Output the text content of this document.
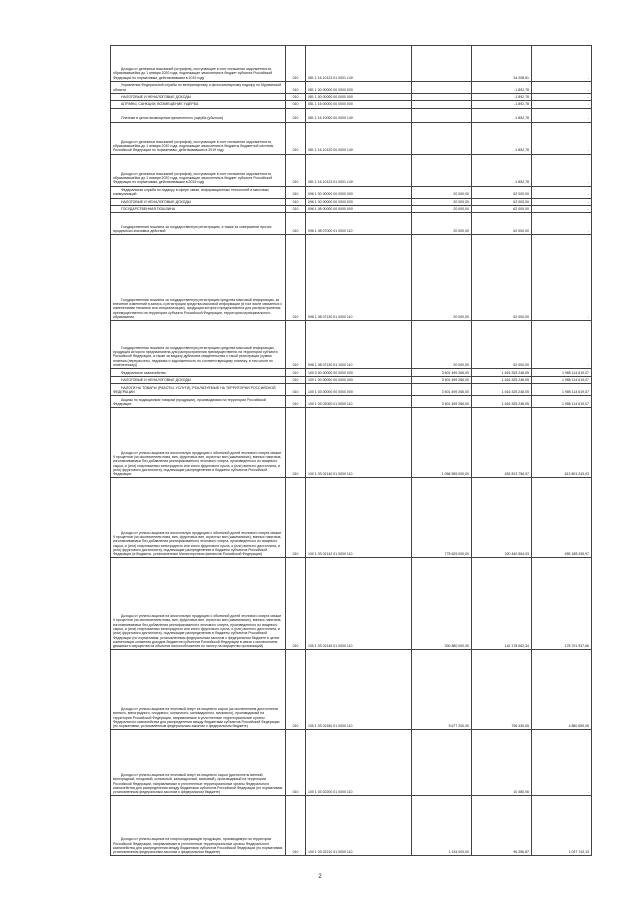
Доходы от денежных взысканий (штрафов), поступающие в счет погашения задолженности, образовавшейся до 1 января 2020 года, подлежащие зачислению в бюджет субъекта Российской Федерации по нормативам, действовавшим в 2019 году	010	081 1 16 10123 01 0001 140		34 208,51	-
Управление Федеральной службы по ветеринарному и фитосанитарному надзору по Мурманской области	010	081 1 00 00000 00 0000 000		-1 892,78	-
НАЛОГОВЫЕ И НЕНАЛОГОВЫЕ ДОХОДЫ	010	081 1 00 00000 00 0000 000		-1 892,78	-
ШТРАФЫ, САНКЦИИ, ВОЗМЕЩЕНИЕ УЩЕРБА	010	081 1 16 00000 00 0000 000		-1 892,78	-
Платежи в целях возмещения причиненного ущерба (убытков)	010	081 1 16 10000 00 0000 140		-1 892,78	-
Доходы от денежных взысканий (штрафов), поступающие в счет погашения задолженности, образовавшейся до 1 января 2020 года, подлежащие зачислению в бюджеты бюджетной системы Российской Федерации по нормативам, действовавшим в 2019 году	010	081 1 16 10120 00 0000 140		-1 892,78	-
Доходы от денежных взысканий (штрафов), поступающие в счет погашения задолженности, образовавшейся до 1 января 2020 года, подлежащие зачислению в бюджет субъекта Российской Федерации по нормативам, действовавшим в 2019 году	010	081 1 16 10123 01 0001 140		-1 892,78	-
Федеральная служба по надзору в сфере связи, информационных технологий и массовых коммуникаций	010	096 1 00 00000 00 0000 000	20 000,00	62 000,00	-
НАЛОГОВЫЕ И НЕНАЛОГОВЫЕ ДОХОДЫ	010	096 1 00 00000 00 0000 000	20 000,00	62 000,00	-
ГОСУДАРСТВЕННАЯ ПОШЛИНА	010	096 1 08 00000 00 0000 000	20 000,00	62 000,00	-
Государственная пошлина за государственную регистрацию, а также за совершение прочих юридически значимых действий	010	096 1 08 07000 01 0000 110	20 000,00	62 000,00	-
Государственная пошлина за государственную регистрацию средства массовой информации, за внесение изменений в запись о регистрации средства массовой информации (в том числе связанных с изменениями тематики или специализации), продукция которого предназначена для распространения преимущественно на территории субъекта Российской Федерации, территории муниципального образования	010	096 1 08 07130 01 0000 110	20 000,00	62 000,00	-
Государственная пошлина за государственную регистрацию средства массовой информации, продукция которого предназначена для распространения преимущественно на территории субъекта Российской Федерации, а также за выдачу дубликата свидетельства о такой регистрации (сумма платежа (перерасчеты, недоимка и задолженность по соответствующему платежу, в том числе по отмененному))	010	096 1 08 07130 01 1000 110	20 000,00	62 000,00	-
Федеральное казначейство	010	100 0 00 00000 00 0000 000	3 601 499 266,00	1 616 325 248,05	1 985 114 619,07
НАЛОГОВЫЕ И НЕНАЛОГОВЫЕ ДОХОДЫ	010	100 1 00 00000 00 0000 000	3 601 499 266,00	1 616 325 248,05	1 985 114 619,07
НАЛОГИ НА ТОВАРЫ (РАБОТЫ, УСЛУГИ), РЕАЛИЗУЕМЫЕ НА ТЕРРИТОРИИ РОССИЙСКОЙ ФЕДЕРАЦИИ	010	100 1 03 00000 00 0000 000	3 601 499 266,00	1 616 325 248,05	1 985 114 619,07
Акцизы по подакцизным товарам (продукции), производимым на территории Российской Федерации	010	100 1 03 02000 01 0000 110	3 601 499 266,00	1 616 325 248,05	1 985 114 619,07
Доходы от уплаты акцизов на алкогольную продукцию с объемной долей этилового спирта свыше 9 процентов (за исключением пива, вин, фруктовых вин, игристых вин (шампанских), винных напитков, изготавливаемых без добавления ректификованного этилового спирта, произведенного из пищевого сырья, и (или) спиртованных виноградного или иного фруктового сусла, и (или) винного дистиллята, и (или) фруктового дистиллята), подлежащие распределению в бюджеты субъектов Российской Федерации	010	100 1 03 02140 01 0000 110	1 066 559 000,00	452 813 756,97	613 801 243,03
Доходы от уплаты акцизов на алкогольную продукцию с объемной долей этилового спирта свыше 9 процентов (за исключением пива, вин, фруктовых вин, игристых вин (шампанских), винных напитков, изготавливаемых без добавления ректификованного этилового спирта, произведенного из пищевого сырья, и (или) спиртованных виноградного или иного фруктового сусла, и (или) винного дистиллята, и (или) фруктового дистиллята), подлежащие распределению в бюджеты субъектов Российской Федерации (в бюджеты, установленные Министерством финансов Российской Федерации)	010	100 1 03 02142 01 0000 110	775 629 000,00	320 440 564,03	455 188 435,97
Доходы от уплаты акцизов на алкогольную продукцию с объемной долей этилового спирта свыше 9 процентов (за исключением пива, вин, фруктовых вин, игристых вин (шампанских), винных напитков, изготавливаемых без добавления ректификованного этилового спирта, произведенного из пищевого сырья, и (или) спиртованных виноградного или иного фруктового сусла, и (или) винного дистиллята, и (или) фруктового дистиллята), подлежащие распределению в бюджеты субъектов Российской Федерации (по нормативам, установленным федеральным законом о федеральном бюджете в целях компенсации снижения доходов бюджетов субъектов Российской Федерации в связи с исключением движимого имущества из объектов налогообложения по налогу на имущество организаций)	010	100 1 03 02145 01 0000 110	300 880 000,00	142 178 062,34	178 701 937,66
Доходы от уплаты акцизов на этиловый спирт из пищевого сырья (за исключением дистиллятов винного, виноградного, плодового, коньячного, кальвадосного, вискового), производимый на территории Российской Федерации, направляемые в уплотненные территориальные органы Федерального казначейства для распределения между бюджетами субъектов Российской Федерации (по нормативам, установленным федеральным законом о федеральном бюджете)	010	100 1 03 02180 01 0000 110	5 677 200,00	796 430,05	4 880 659,05
Доходы от уплаты акцизов на этиловый спирт из пищевого сырья (дистилляты винный, виноградный, плодовый, коньячный, кальвадосный, висковый), производимый на территории Российской Федерации, направляемые в уплотненные территориальные органы Федерального казначейства для распределения между бюджетами субъектов Российской Федерации (по нормативам, установленным федеральным законом о федеральном бюджете)	010	100 1 03 02200 01 0000 110		10 480,06	-
Доходы от уплаты акцизов на спиртосодержащую продукцию, производимую на территории Российской Федерации, направляемые в уплотненные территориальные органы Федерального казначейства для распределения между бюджетами субъектов Российской Федерации (по нормативам, установленным федеральным законом о федеральном бюджете)	010	100 1 03 02210 01 0000 110	1 134 000,00	96 256,87	1 037 743,13
2
